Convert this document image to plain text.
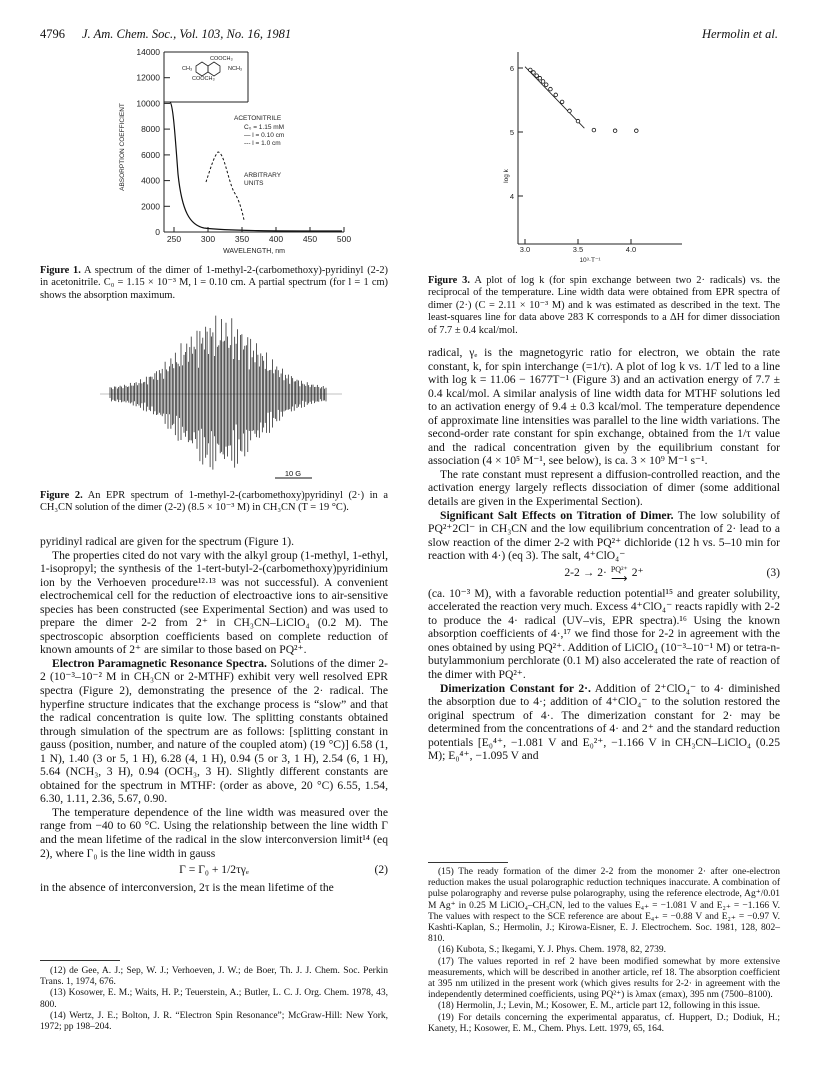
4796 J. Am. Chem. Soc., Vol. 103, No. 16, 1981	Hermolin et al.
14000
12000
10000
8000
6000
4000
2000
0
250 300 350 400 450 500
WAVELENGTH, nm
ABSORPTION COEFFICIENT
COOCH₃
CH₃	NCH₃
COOCH₃
ACETONITRILE
C₀ = 1.15 mM
— l = 0.10 cm
--- l = 1.0 cm
ARBITRARY
UNITS
Figure 1. A spectrum of the dimer of 1-methyl-2-(carbomethoxy)-pyridinyl (2-2) in acetonitrile. C₀ = 1.15 × 10⁻³ M, l = 0.10 cm. A partial spectrum (for l = 1 cm) shows the absorption maximum.
10 G
Figure 2. An EPR spectrum of 1-methyl-2-(carbomethoxy)pyridinyl (2·) in a CH₃CN solution of the dimer (2-2) (8.5 × 10⁻³ M) in CH₃CN (T = 19 °C).

pyridinyl radical are given for the spectrum (Figure 1).

The properties cited do not vary with the alkyl group (1-methyl, 1-ethyl, 1-isopropyl; the synthesis of the 1-tert-butyl-2-(carbomethoxy)pyridinium ion by the Verhoeven procedure¹²·¹³ was not successful). A convenient electrochemical cell for the reduction of electroactive ions to air-sensitive species has been constructed (see Experimental Section) and was used to prepare the dimer 2-2 from 2⁺ in CH₃CN–LiClO₄ (0.2 M). The spectroscopic absorption coefficients based on complete reduction of known amounts of 2⁺ are similar to those based on PQ²⁺.

Electron Paramagnetic Resonance Spectra. Solutions of the dimer 2-2 (10⁻³–10⁻² M in CH₃CN or 2-MTHF) exhibit very well resolved EPR spectra (Figure 2), demonstrating the presence of the 2· radical. The hyperfine structure indicates that the exchange process is “slow” and that the radical concentration is quite low. The splitting constants obtained through simulation of the spectrum are as follows: [splitting constant in gauss (position, number, and nature of the coupled atom) (19 °C)] 6.58 (1, 1 N), 1.40 (3 or 5, 1 H), 6.28 (4, 1 H), 0.94 (5 or 3, 1 H), 2.54 (6, 1 H), 5.64 (NCH₃, 3 H), 0.94 (OCH₃, 3 H). Slightly different constants are obtained for the spectrum in MTHF: (order as above, 20 °C) 6.55, 1.54, 6.30, 1.11, 2.36, 5.67, 0.90.

The temperature dependence of the line width was measured over the range from −40 to 60 °C. Using the relationship between the line width Γ and the mean lifetime of the radical in the slow interconversion limit¹⁴ (eq 2), where Γ₀ is the line width in gauss

Γ = Γ₀ + 1/2τγₑ	(2)

in the absence of interconversion, 2τ is the mean lifetime of the

(12) de Gee, A. J.; Sep, W. J.; Verhoeven, J. W.; de Boer, Th. J. J. Chem. Soc. Perkin Trans. 1, 1974, 676.
(13) Kosower, E. M.; Waits, H. P.; Teuerstein, A.; Butler, L. C. J. Org. Chem. 1978, 43, 800.
(14) Wertz, J. E.; Bolton, J. R. “Electron Spin Resonance”; McGraw-Hill: New York, 1972; pp 198–204.
6
5
4
3.0	3.5	4.0
10³·T⁻¹
log k
Figure 3. A plot of log k (for spin exchange between two 2· radicals) vs. the reciprocal of the temperature. Line width data were obtained from EPR spectra of dimer (2·) (C = 2.11 × 10⁻³ M) and k was estimated as described in the text. The least-squares line for data above 283 K corresponds to a ΔH for dimer dissociation of 7.7 ± 0.4 kcal/mol.

radical, γₑ is the magnetogyric ratio for electron, we obtain the rate constant, k, for spin interchange (=1/τ). A plot of log k vs. 1/T led to a line with log k = 11.06 − 1677T⁻¹ (Figure 3) and an activation energy of 7.7 ± 0.4 kcal/mol. A similar analysis of line width data for MTHF solutions led to an activation energy of 9.4 ± 0.3 kcal/mol. The temperature dependence of approximate line intensities was parallel to the line width variations. The second-order rate constant for spin exchange, obtained from the 1/τ value and the radical concentration given by the equilibrium constant for association (4 × 10⁵ M⁻¹, see below), is ca. 3 × 10⁹ M⁻¹ s⁻¹.

The rate constant must represent a diffusion-controlled reaction, and the activation energy largely reflects dissociation of dimer (some additional details are given in the Experimental Section).

Significant Salt Effects on Titration of Dimer. The low solubility of PQ²⁺2Cl⁻ in CH₃CN and the low equilibrium concentration of 2· lead to a slow reaction of the dimer 2-2 with PQ²⁺ dichloride (12 h vs. 5–10 min for reaction with 4·) (eq 3). The salt, 4⁺ClO₄⁻

2-2 → 2· PQ²⁺
⟶ 2⁺	(3)

(ca. 10⁻³ M), with a favorable reduction potential¹⁵ and greater solubility, accelerated the reaction very much. Excess 4⁺ClO₄⁻ reacts rapidly with 2-2 to produce the 4· radical (UV–vis, EPR spectra).¹⁶ Using the known absorption coefficients of 4·,¹⁷ we find those for 2-2 in agreement with the ones obtained by using PQ²⁺. Addition of LiClO₄ (10⁻³–10⁻¹ M) or tetra-n-butylammonium perchlorate (0.1 M) also accelerated the rate of reaction of the dimer with PQ²⁺.

Dimerization Constant for 2·. Addition of 2⁺ClO₄⁻ to 4· diminished the absorption due to 4·; addition of 4⁺ClO₄⁻ to the solution restored the original spectrum of 4·. The dimerization constant for 2· may be determined from the concentrations of 4· and 2⁺ and the standard reduction potentials [E₀⁴⁺, −1.081 V and E₀²⁺, −1.166 V in CH₃CN–LiClO₄ (0.25 M); E₀⁴⁺, −1.095 V and

(15) The ready formation of the dimer 2-2 from the monomer 2· after one-electron reduction makes the usual polarographic reduction techniques inaccurate. A combination of pulse polarography and reverse pulse polarography, using the reference electrode, Ag⁺/0.01 M Ag⁺ in 0.25 M LiClO₄–CH₃CN, led to the values E₄₊ = −1.081 V and E₂₊ = −1.166 V. The values with respect to the SCE reference are about E₄₊ = −0.88 V and E₂₊ = −0.97 V. Kashti-Kaplan, S.; Hermolin, J.; Kirowa-Eisner, E. J. Electrochem. Soc. 1981, 128, 802–810.
(16) Kubota, S.; Ikegami, Y. J. Phys. Chem. 1978, 82, 2739.
(17) The values reported in ref 2 have been modified somewhat by more extensive measurements, which will be described in another article, ref 18. The absorption coefficient at 395 nm utilized in the present work (which gives results for 2-2· in agreement with the independently determined coefficients, using PQ²⁺) is λmax (εmax), 395 nm (7500–8100).
(18) Hermolin, J.; Levin, M.; Kosower, E. M., article part 12, following in this issue.
(19) For details concerning the experimental apparatus, cf. Huppert, D.; Dodiuk, H.; Kanety, H.; Kosower, E. M., Chem. Phys. Lett. 1979, 65, 164.
